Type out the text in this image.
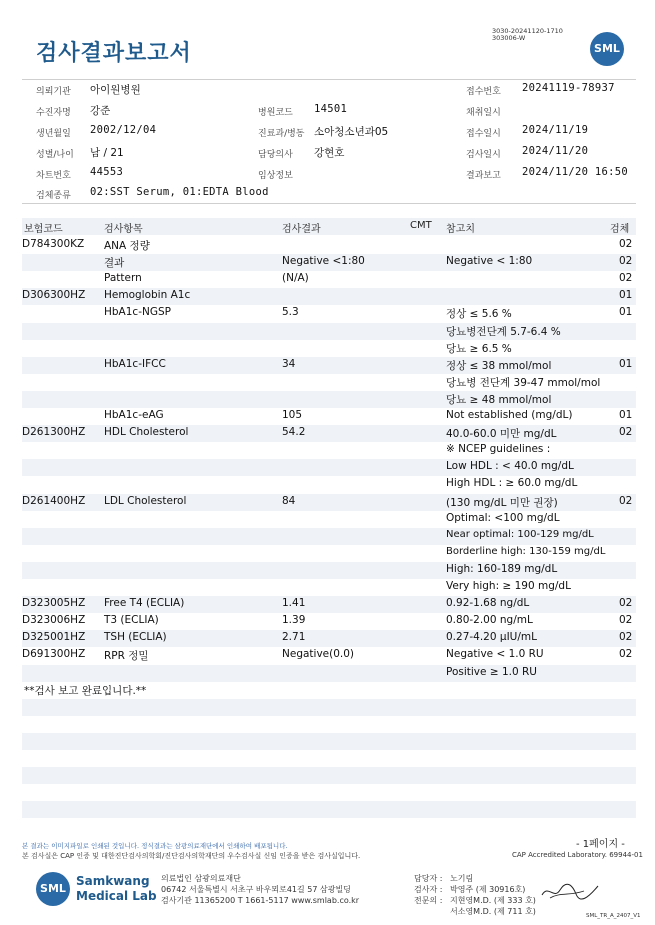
검사결과보고서
3030-20241120-1710
303006-W
SML
의뢰기관 아이원병원	접수번호 20241119-78937
수진자명 강준	병원코드 14501	채취일시
생년월일 2002/12/04	진료과/병동 소아청소년과05	접수일시 2024/11/19
성별/나이 남 / 21	담당의사 강현호	검사일시 2024/11/20
차트번호 44553	임상정보	결과보고 2024/11/20 16:50
검체종류 02:SST Serum, 01:EDTA Blood
보험코드	검사항목	검사결과	CMT 참고치	검체
D784300KZ ANA 정량	02
결과	Negative <1:80	Negative < 1:80	02
Pattern	(N/A)	02
D306300HZ Hemoglobin A1c	01
HbA1c-NGSP	5.3	정상 ≤ 5.6 %	01
당뇨병전단계 5.7-6.4 %
당뇨 ≥ 6.5 %
HbA1c-IFCC	34	정상 ≤ 38 mmol/mol	01
당뇨병 전단계 39-47 mmol/mol
당뇨 ≥ 48 mmol/mol
HbA1c-eAG	105	Not established (mg/dL)	01
D261300HZ HDL Cholesterol	54.2	40.0-60.0 미만 mg/dL	02
※ NCEP guidelines :
Low HDL : < 40.0 mg/dL
High HDL : ≥ 60.0 mg/dL
D261400HZ LDL Cholesterol	84	(130 mg/dL 미만 권장)	02
Optimal: <100 mg/dL
Near optimal: 100-129 mg/dL
Borderline high: 130-159 mg/dL
High: 160-189 mg/dL
Very high: ≥ 190 mg/dL
D323005HZ Free T4 (ECLIA)	1.41	0.92-1.68 ng/dL	02
D323006HZ T3 (ECLIA)	1.39	0.80-2.00 ng/mL	02
D325001HZ TSH (ECLIA)	2.71	0.27-4.20 μIU/mL	02
D691300HZ RPR 정밀	Negative(0.0)	Negative < 1.0 RU	02
Positive ≥ 1.0 RU
**검사 보고 완료입니다.**
- 1페이지 -
본 결과는 이미지파일로 인쇄된 것입니다. 정식결과는 삼광의료재단에서 인쇄하여 배포됩니다.
본 검사실은 CAP 인증 및 대한진단검사의학회/진단검사의학재단의 우수검사실 신임 인증을 받은 검사실입니다.	CAP Accredited Laboratory. 69944-01
SML
Samkwang
Medical Lab
의료법인 삼광의료재단
06742 서울특별시 서초구 바우뫼로41길 57 삼광빌딩
검사기관 11365200 T 1661-5117 www.smlab.co.kr
담당자 : 노기림
검사자 : 박영주 (제 30916호)
전문의 : 지현영M.D. (제 333 호)
서소영M.D. (제 711 호)	SML_TR_A_2407_V1
